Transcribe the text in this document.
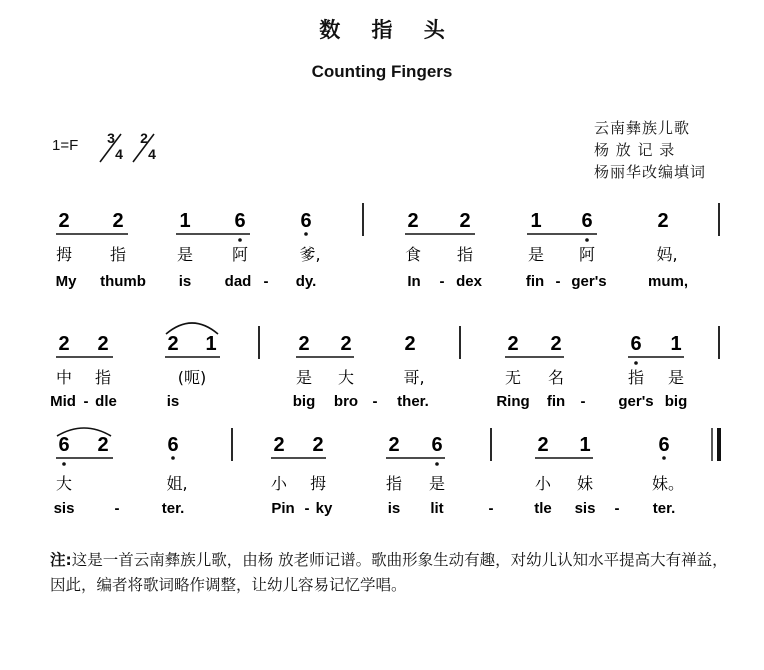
数 指 头
Counting Fingers
1=F 3
4
2
4
云南彝族儿歌
杨 放 记 录
杨丽华改编填词
2 2	1 6	6	2 2	1 6	2
拇 指	是 阿	爹,	食 指	是 阿	妈,
My thumb is dad - dy.	In - dex	fin - ger's	mum,
2 2	2 1	2 2	2	2 2	6 1
中 指	(呃)	是 大	哥,	无 名	指 是
Mid - dle	is	big bro - ther.	Ring fin - ger's big
6 2	6	2 2	2 6	2 1	6
大	姐,	小 拇	指 是	小 妹	妹。
sis	-	ter.	Pin - ky	is lit	-	tle sis - ter.
注:这是一首云南彝族儿歌，由杨 放老师记谱。歌曲形象生动有趣，对幼儿认知水平提高大有禅益，因此，编者将歌词略作调整，让幼儿容易记忆学唱。
